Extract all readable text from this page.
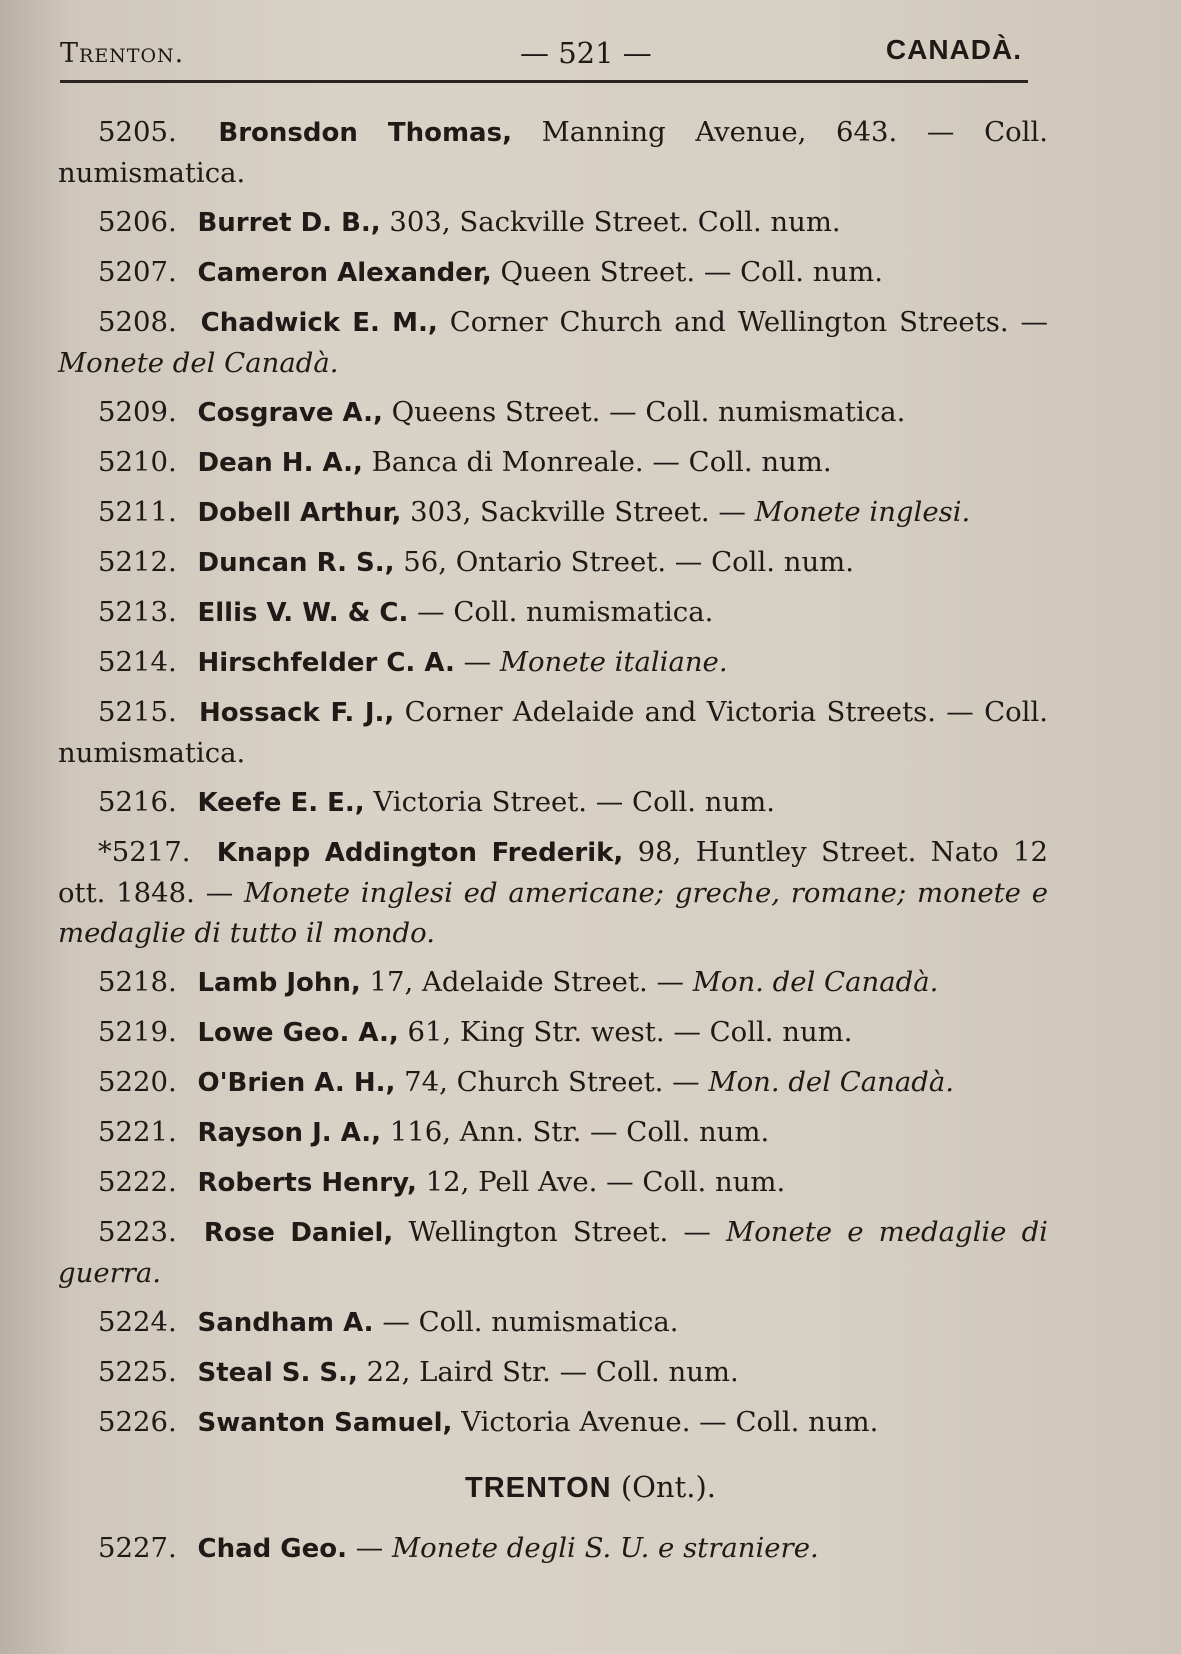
Trenton.	— 521 —	CANADÀ.
5205. Bronsdon Thomas, Manning Avenue, 643. — Coll. numismatica.
5206. Burret D. B., 303, Sackville Street. Coll. num.
5207. Cameron Alexander, Queen Street. — Coll. num.
5208. Chadwick E. M., Corner Church and Wellington Streets. — Monete del Canadà.
5209. Cosgrave A., Queens Street. — Coll. numismatica.
5210. Dean H. A., Banca di Monreale. — Coll. num.
5211. Dobell Arthur, 303, Sackville Street. — Monete inglesi.
5212. Duncan R. S., 56, Ontario Street. — Coll. num.
5213. Ellis V. W. & C. — Coll. numismatica.
5214. Hirschfelder C. A. — Monete italiane.
5215. Hossack F. J., Corner Adelaide and Victoria Streets. — Coll. numismatica.
5216. Keefe E. E., Victoria Street. — Coll. num.
*5217. Knapp Addington Frederik, 98, Huntley Street. Nato 12 ott. 1848. — Monete inglesi ed americane; greche, romane; monete e medaglie di tutto il mondo.
5218. Lamb John, 17, Adelaide Street. — Mon. del Canadà.
5219. Lowe Geo. A., 61, King Str. west. — Coll. num.
5220. O'Brien A. H., 74, Church Street. — Mon. del Canadà.
5221. Rayson J. A., 116, Ann. Str. — Coll. num.
5222. Roberts Henry, 12, Pell Ave. — Coll. num.
5223. Rose Daniel, Wellington Street. — Monete e medaglie di guerra.
5224. Sandham A. — Coll. numismatica.
5225. Steal S. S., 22, Laird Str. — Coll. num.
5226. Swanton Samuel, Victoria Avenue. — Coll. num.
TRENTON (Ont.).
5227. Chad Geo. — Monete degli S. U. e straniere.
